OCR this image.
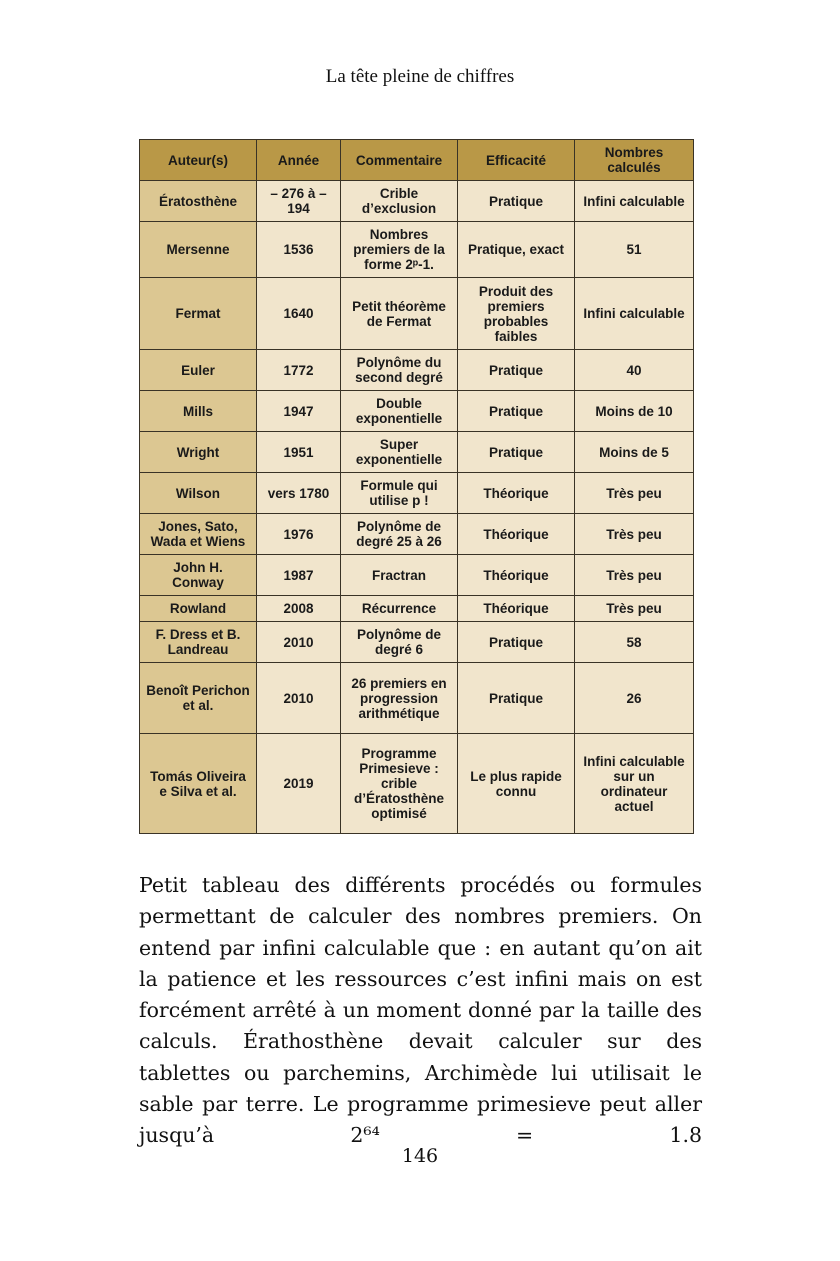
La tête pleine de chiffres
Auteur(s)	Année	Commentaire	Efficacité	Nombres calculés
Ératosthène	– 276 à – 194	Crible d’exclusion	Pratique	Infini calculable
Mersenne	1536	Nombres premiers de la forme 2ᵖ-1.	Pratique, exact	51
Fermat	1640	Petit théorème de Fermat	Produit des premiers probables faibles	Infini calculable
Euler	1772	Polynôme du second degré	Pratique	40
Mills	1947	Double exponentielle	Pratique	Moins de 10
Wright	1951	Super exponentielle	Pratique	Moins de 5
Wilson	vers 1780	Formule qui utilise p !	Théorique	Très peu
Jones, Sato, Wada et Wiens	1976	Polynôme de degré 25 à 26	Théorique	Très peu
John H. Conway	1987	Fractran	Théorique	Très peu
Rowland	2008	Récurrence	Théorique	Très peu
F. Dress et B. Landreau	2010	Polynôme de degré 6	Pratique	58
Benoît Perichon et al.	2010	26 premiers en progression arithmétique	Pratique	26
Tomás Oliveira e Silva et al.	2019	Programme Primesieve : crible d’Ératosthène optimisé	Le plus rapide connu	Infini calculable sur un ordinateur actuel

Petit tableau des différents procédés ou formules permettant de calculer des nombres premiers. On entend par infini calculable que : en autant qu’on ait la patience et les ressources c’est infini mais on est forcément arrêté à un moment donné par la taille des calculs. Érathosthène devait calculer sur des tablettes ou parchemins, Archimède lui utilisait le sable par terre. Le programme primesieve peut aller jusqu’à 2⁶⁴ = 1.8

146
